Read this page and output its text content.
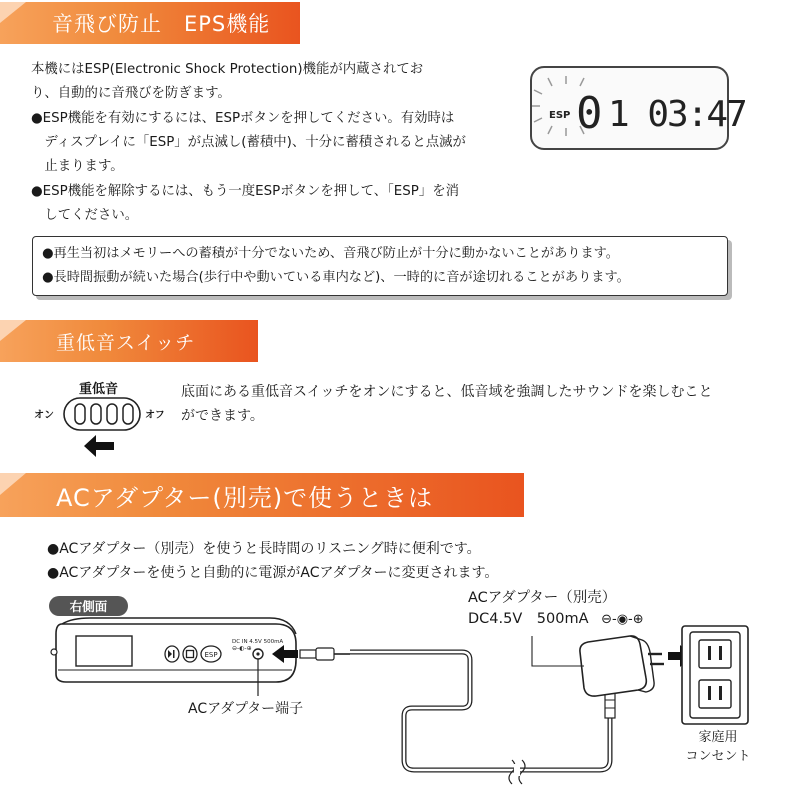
音飛び防止　EPS機能
本機にはESP(Electronic Shock Protection)機能が内蔵されてお
り、自動的に音飛びを防ぎます。
●ESP機能を有効にするには、ESPボタンを押してください。有効時は
　ディスプレイに「ESP」が点滅し(蓄積中)、十分に蓄積されると点滅が
　止まります。
●ESP機能を解除するには、もう一度ESPボタンを押して、「ESP」を消
　してください。
ESP 0 1 03:47
●再生当初はメモリーへの蓄積が十分でないため、音飛び防止が十分に動かないことがあります。
●長時間振動が続いた場合(歩行中や動いている車内など)、一時的に音が途切れることがあります。
重低音スイッチ
重低音
オン	オフ
底面にある重低音スイッチをオンにすると、低音域を強調したサウンドを楽しむこと
ができます。
ACアダプター(別売)で使うときは
●ACアダプター（別売）を使うと長時間のリスニング時に便利です。
●ACアダプターを使うと自動的に電源がACアダプターに変更されます。
右側面
ESP
DC IN 4.5V 500mA
⊖-◐-⊕
ACアダプター端子
ACアダプター（別売）
DC4.5V　500mA ⊖-◉-⊕
家庭用
コンセント
